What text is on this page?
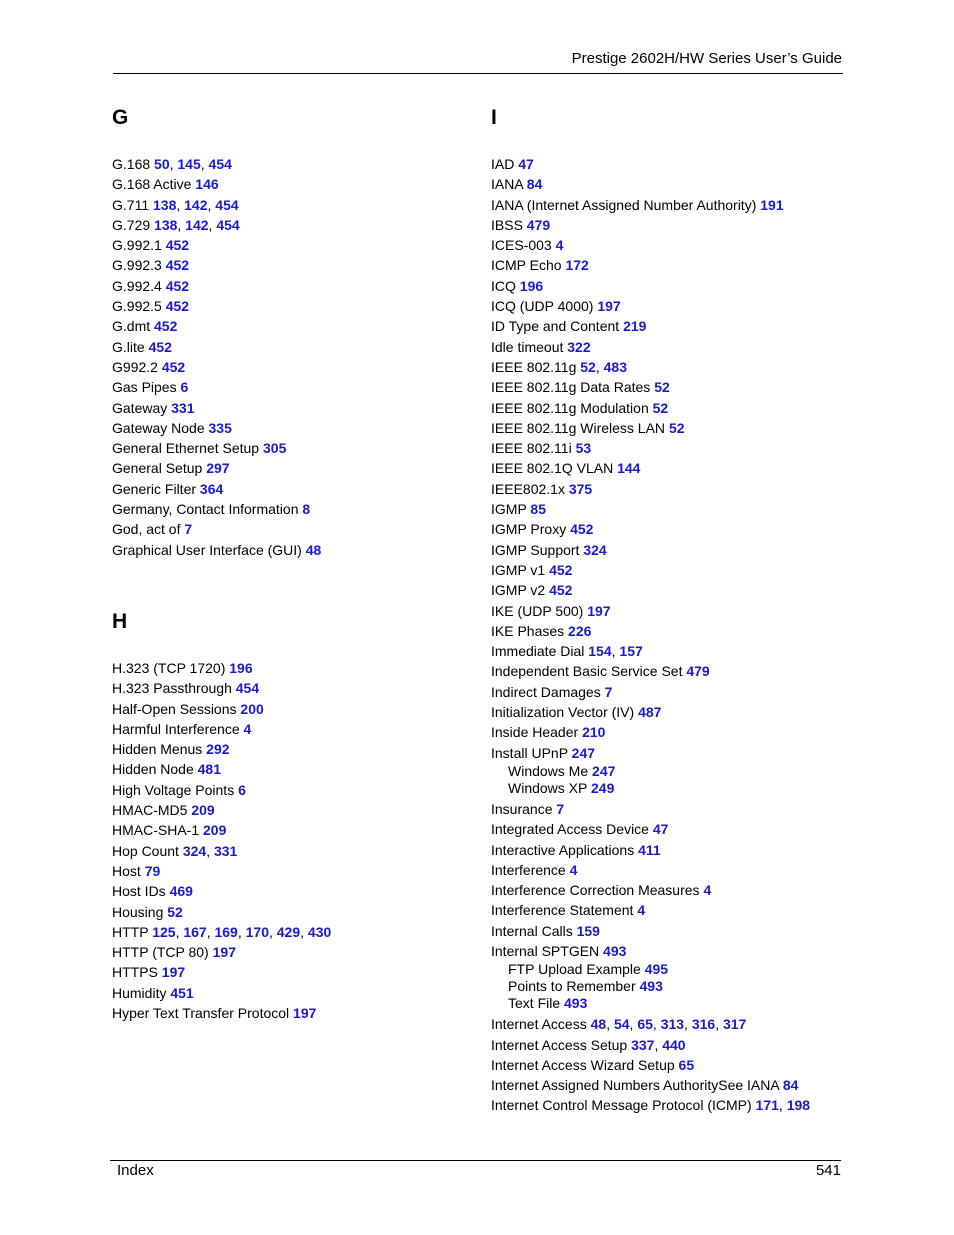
Prestige 2602H/HW Series User’s Guide
G
G.168 50, 145, 454
G.168 Active 146
G.711 138, 142, 454
G.729 138, 142, 454
G.992.1 452
G.992.3 452
G.992.4 452
G.992.5 452
G.dmt 452
G.lite 452
G992.2 452
Gas Pipes 6
Gateway 331
Gateway Node 335
General Ethernet Setup 305
General Setup 297
Generic Filter 364
Germany, Contact Information 8
God, act of 7
Graphical User Interface (GUI) 48
H
H.323 (TCP 1720) 196
H.323 Passthrough 454
Half-Open Sessions 200
Harmful Interference 4
Hidden Menus 292
Hidden Node 481
High Voltage Points 6
HMAC-MD5 209
HMAC-SHA-1 209
Hop Count 324, 331
Host 79
Host IDs 469
Housing 52
HTTP 125, 167, 169, 170, 429, 430
HTTP (TCP 80) 197
HTTPS 197
Humidity 451
Hyper Text Transfer Protocol 197
I
IAD 47
IANA 84
IANA (Internet Assigned Number Authority) 191
IBSS 479
ICES-003 4
ICMP Echo 172
ICQ 196
ICQ (UDP 4000) 197
ID Type and Content 219
Idle timeout 322
IEEE 802.11g 52, 483
IEEE 802.11g Data Rates 52
IEEE 802.11g Modulation 52
IEEE 802.11g Wireless LAN 52
IEEE 802.11i 53
IEEE 802.1Q VLAN 144
IEEE802.1x 375
IGMP 85
IGMP Proxy 452
IGMP Support 324
IGMP v1 452
IGMP v2 452
IKE (UDP 500) 197
IKE Phases 226
Immediate Dial 154, 157
Independent Basic Service Set 479
Indirect Damages 7
Initialization Vector (IV) 487
Inside Header 210
Install UPnP 247
Windows Me 247
Windows XP 249
Insurance 7
Integrated Access Device 47
Interactive Applications 411
Interference 4
Interference Correction Measures 4
Interference Statement 4
Internal Calls 159
Internal SPTGEN 493
FTP Upload Example 495
Points to Remember 493
Text File 493
Internet Access 48, 54, 65, 313, 316, 317
Internet Access Setup 337, 440
Internet Access Wizard Setup 65
Internet Assigned Numbers AuthoritySee IANA 84
Internet Control Message Protocol (ICMP) 171, 198
Index	541
